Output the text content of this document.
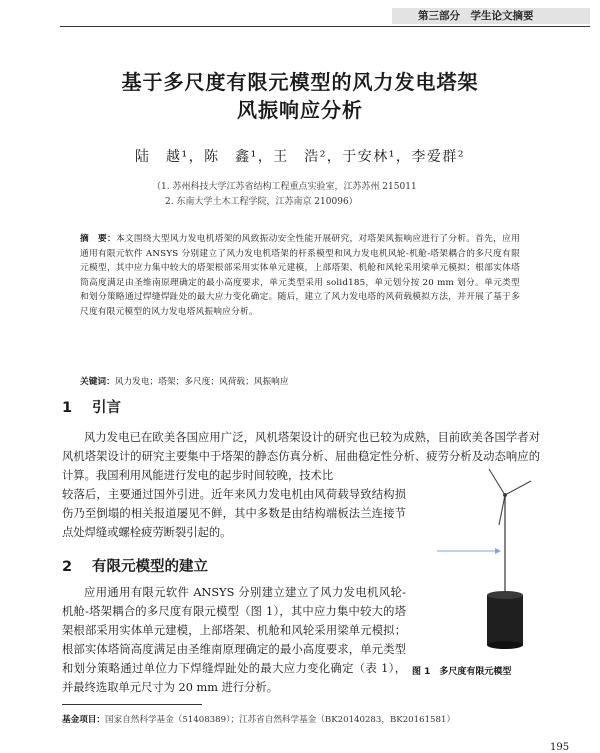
第三部分　学生论文摘要
基于多尺度有限元模型的风力发电塔架
风振响应分析
陆　越¹，陈　鑫¹，王　浩²，于安林¹，李爱群²
（1. 苏州科技大学江苏省结构工程重点实验室，江苏苏州 215011
2. 东南大学土木工程学院，江苏南京 210096）
摘　要：本文围绕大型风力发电机塔架的风致振动安全性能开展研究，对塔架风振响应进行了分析。首先，应用通用有限元软件 ANSYS 分别建立了风力发电机塔架的杆系模型和风力发电机风轮-机舱-塔架耦合的多尺度有限元模型，其中应力集中较大的塔架根部采用实体单元建模，上部塔架、机舱和风轮采用梁单元模拟；根部实体塔筒高度满足由圣维南原理确定的最小高度要求，单元类型采用 solid185，单元划分按 20 mm 划分。单元类型和划分策略通过焊缝焊趾处的最大应力变化确定。随后，建立了风力发电塔的风荷载模拟方法，并开展了基于多尺度有限元模型的风力发电塔风振响应分析。
关键词：风力发电；塔架；多尺度；风荷载；风振响应
1 引言
风力发电已在欧美各国应用广泛，风机塔架设计的研究也已较为成熟，目前欧美各国学者对风机塔架设计的研究主要集中于塔架的静态仿真分析、屈曲稳定性分析、疲劳分析及动态响应的计算。我国利用风能进行发电的起步时间较晚，技术比
较落后，主要通过国外引进。近年来风力发电机由风荷载导致结构损伤乃至倒塌的相关报道屡见不鲜，其中多数是由结构端板法兰连接节点处焊缝或螺栓疲劳断裂引起的。
2 有限元模型的建立
应用通用有限元软件 ANSYS 分别建立建立了风力发电机风轮-机舱-塔架耦合的多尺度有限元模型（图 1），其中应力集中较大的塔架根部采用实体单元建模，上部塔架、机舱和风轮采用梁单元模拟；根部实体塔筒高度满足由圣维南原理确定的最小高度要求，单元类型和划分策略通过单位力下焊缝焊趾处的最大应力变化确定（表 1），并最终选取单元尺寸为 20 mm 进行分析。
图 1　多尺度有限元模型
基金项目：国家自然科学基金（51408389）；江苏省自然科学基金（BK20140283，BK20161581）
195
